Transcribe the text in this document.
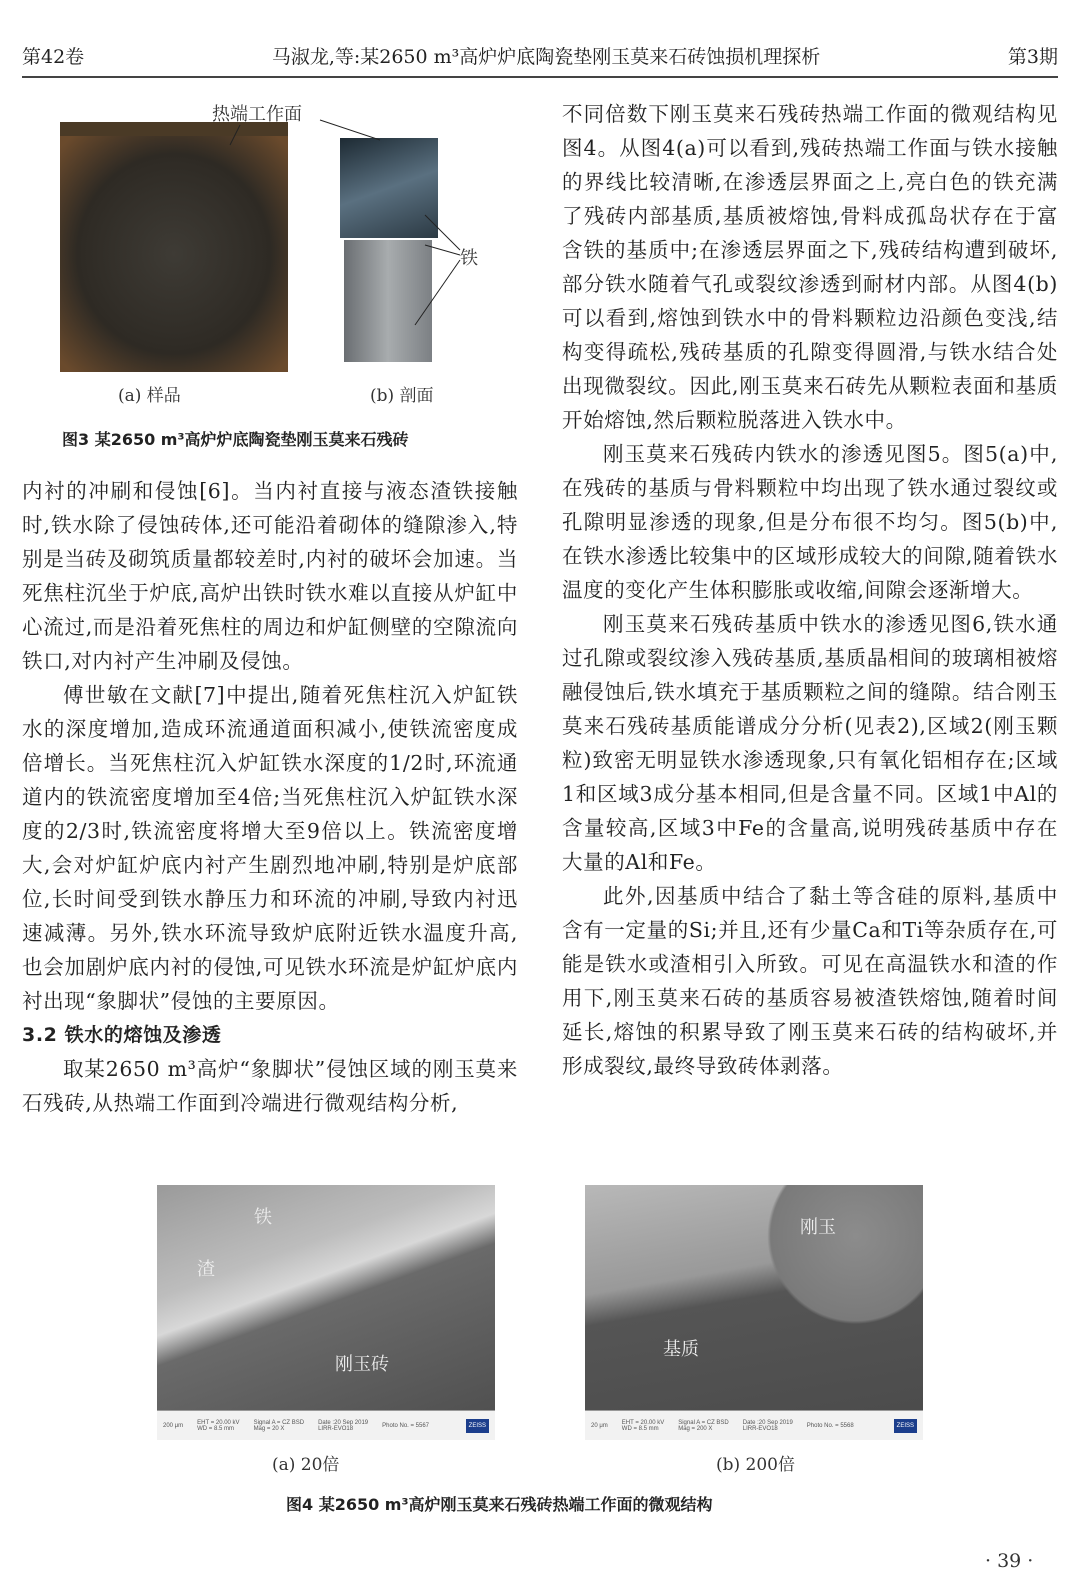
第42卷	马淑龙,等:某2650 m³高炉炉底陶瓷垫刚玉莫来石砖蚀损机理探析	第3期
热端工作面
铁
(a) 样品	(b) 剖面
图3 某2650 m³高炉炉底陶瓷垫刚玉莫来石残砖

内衬的冲刷和侵蚀[6]。当内衬直接与液态渣铁接触时,铁水除了侵蚀砖体,还可能沿着砌体的缝隙渗入,特别是当砖及砌筑质量都较差时,内衬的破坏会加速。当死焦柱沉坐于炉底,高炉出铁时铁水难以直接从炉缸中心流过,而是沿着死焦柱的周边和炉缸侧壁的空隙流向铁口,对内衬产生冲刷及侵蚀。

傅世敏在文献[7]中提出,随着死焦柱沉入炉缸铁水的深度增加,造成环流通道面积减小,使铁流密度成倍增长。当死焦柱沉入炉缸铁水深度的1/2时,环流通道内的铁流密度增加至4倍;当死焦柱沉入炉缸铁水深度的2/3时,铁流密度将增大至9倍以上。铁流密度增大,会对炉缸炉底内衬产生剧烈地冲刷,特别是炉底部位,长时间受到铁水静压力和环流的冲刷,导致内衬迅速减薄。另外,铁水环流导致炉底附近铁水温度升高,也会加剧炉底内衬的侵蚀,可见铁水环流是炉缸炉底内衬出现“象脚状”侵蚀的主要原因。

3.2 铁水的熔蚀及渗透

取某2650 m³高炉“象脚状”侵蚀区域的刚玉莫来石残砖,从热端工作面到冷端进行微观结构分析,

不同倍数下刚玉莫来石残砖热端工作面的微观结构见图4。从图4(a)可以看到,残砖热端工作面与铁水接触的界线比较清晰,在渗透层界面之上,亮白色的铁充满了残砖内部基质,基质被熔蚀,骨料成孤岛状存在于富含铁的基质中;在渗透层界面之下,残砖结构遭到破坏,部分铁水随着气孔或裂纹渗透到耐材内部。从图4(b)可以看到,熔蚀到铁水中的骨料颗粒边沿颜色变浅,结构变得疏松,残砖基质的孔隙变得圆滑,与铁水结合处出现微裂纹。因此,刚玉莫来石砖先从颗粒表面和基质开始熔蚀,然后颗粒脱落进入铁水中。

刚玉莫来石残砖内铁水的渗透见图5。图5(a)中,在残砖的基质与骨料颗粒中均出现了铁水通过裂纹或孔隙明显渗透的现象,但是分布很不均匀。图5(b)中,在铁水渗透比较集中的区域形成较大的间隙,随着铁水温度的变化产生体积膨胀或收缩,间隙会逐渐增大。

刚玉莫来石残砖基质中铁水的渗透见图6,铁水通过孔隙或裂纹渗入残砖基质,基质晶相间的玻璃相被熔融侵蚀后,铁水填充于基质颗粒之间的缝隙。结合刚玉莫来石残砖基质能谱成分分析(见表2),区域2(刚玉颗粒)致密无明显铁水渗透现象,只有氧化铝相存在;区域1和区域3成分基本相同,但是含量不同。区域1中Al的含量较高,区域3中Fe的含量高,说明残砖基质中存在大量的Al和Fe。

此外,因基质中结合了黏土等含硅的原料,基质中含有一定量的Si;并且,还有少量Ca和Ti等杂质存在,可能是铁水或渣相引入所致。可见在高温铁水和渣的作用下,刚玉莫来石砖的基质容易被渣铁熔蚀,随着时间延长,熔蚀的积累导致了刚玉莫来石砖的结构破坏,并形成裂纹,最终导致砖体剥落。

铁
渣
刚玉砖
200 μm EHT = 20.00 kV
WD = 8.5 mm
Signal A = CZ BSD
Mag = 20 X
Date :20 Sep 2019
LIRR-EVO18	Photo No. = 5567	ZEISS
刚玉
基质
20 μm EHT = 20.00 kV
WD = 8.5 mm
Signal A = CZ BSD
Mag = 200 X
Date :20 Sep 2019
LIRR-EVO18	Photo No. = 5568	ZEISS
(a) 20倍	(b) 200倍
图4 某2650 m³高炉刚玉莫来石残砖热端工作面的微观结构
· 39 ·
